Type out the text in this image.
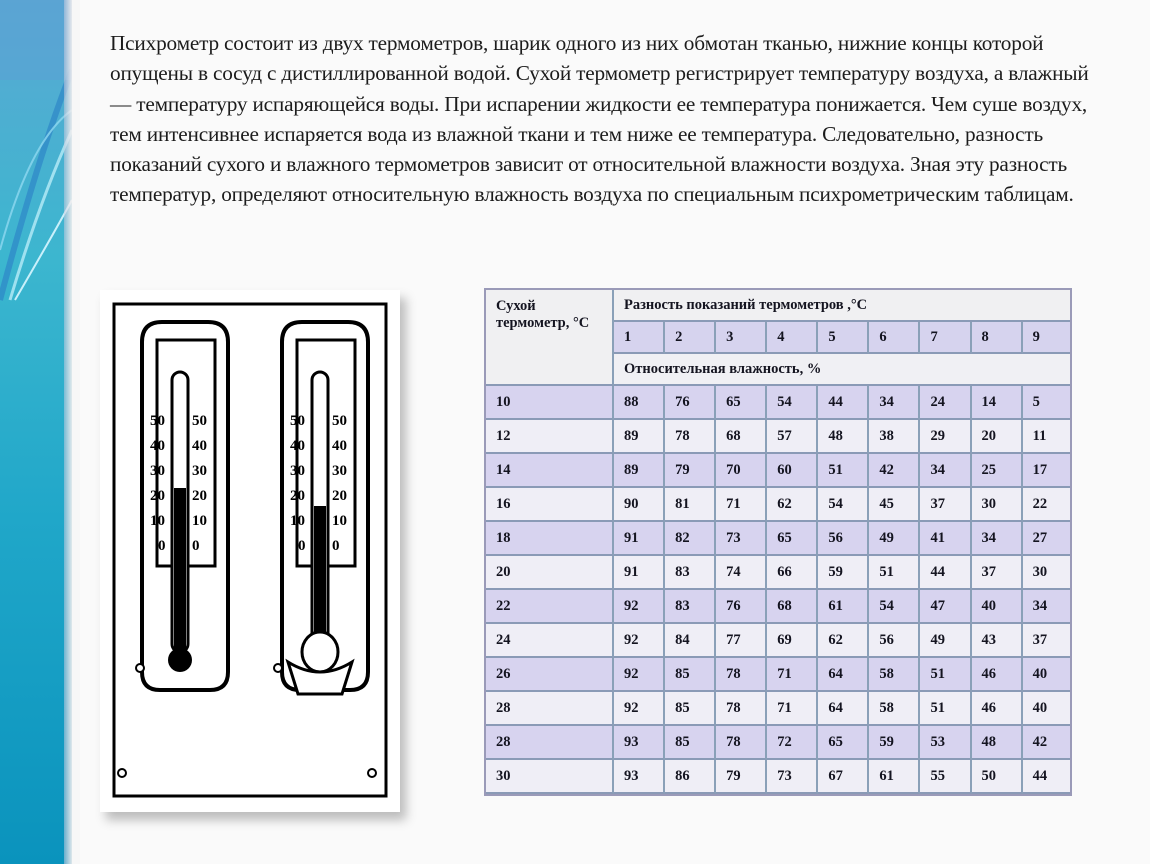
Психрометр состоит из двух термометров, шарик одного из них обмотан тканью, нижние концы которой опущены в сосуд с дистиллированной водой. Сухой термометр регистрирует температуру воздуха, а влажный — температуру испаряющейся воды. При испарении жидкости ее температура понижается. Чем суше воздух, тем интенсивнее испаряется вода из влажной ткани и тем ниже ее температура. Следовательно, разность показаний сухого и влажного термометров зависит от относительной влажности воздуха. Зная эту разность температур, определяют относительную влажность воздуха по специальным психрометрическим таблицам.

50 50
40 40
30 30
20 20
10 10
0 0
50 50
40 40
30 30
20 20
10 10
0 0
Сухой термометр, °C	Разность показаний термометров ,°C								
	1	2	3	4	5	6	7	8	9
	Относительная влажность, %								
10	88	76	65	54	44	34	24	14	5
12	89	78	68	57	48	38	29	20	11
14	89	79	70	60	51	42	34	25	17
16	90	81	71	62	54	45	37	30	22
18	91	82	73	65	56	49	41	34	27
20	91	83	74	66	59	51	44	37	30
22	92	83	76	68	61	54	47	40	34
24	92	84	77	69	62	56	49	43	37
26	92	85	78	71	64	58	51	46	40
28	92	85	78	71	64	58	51	46	40
28	93	85	78	72	65	59	53	48	42
30	93	86	79	73	67	61	55	50	44
